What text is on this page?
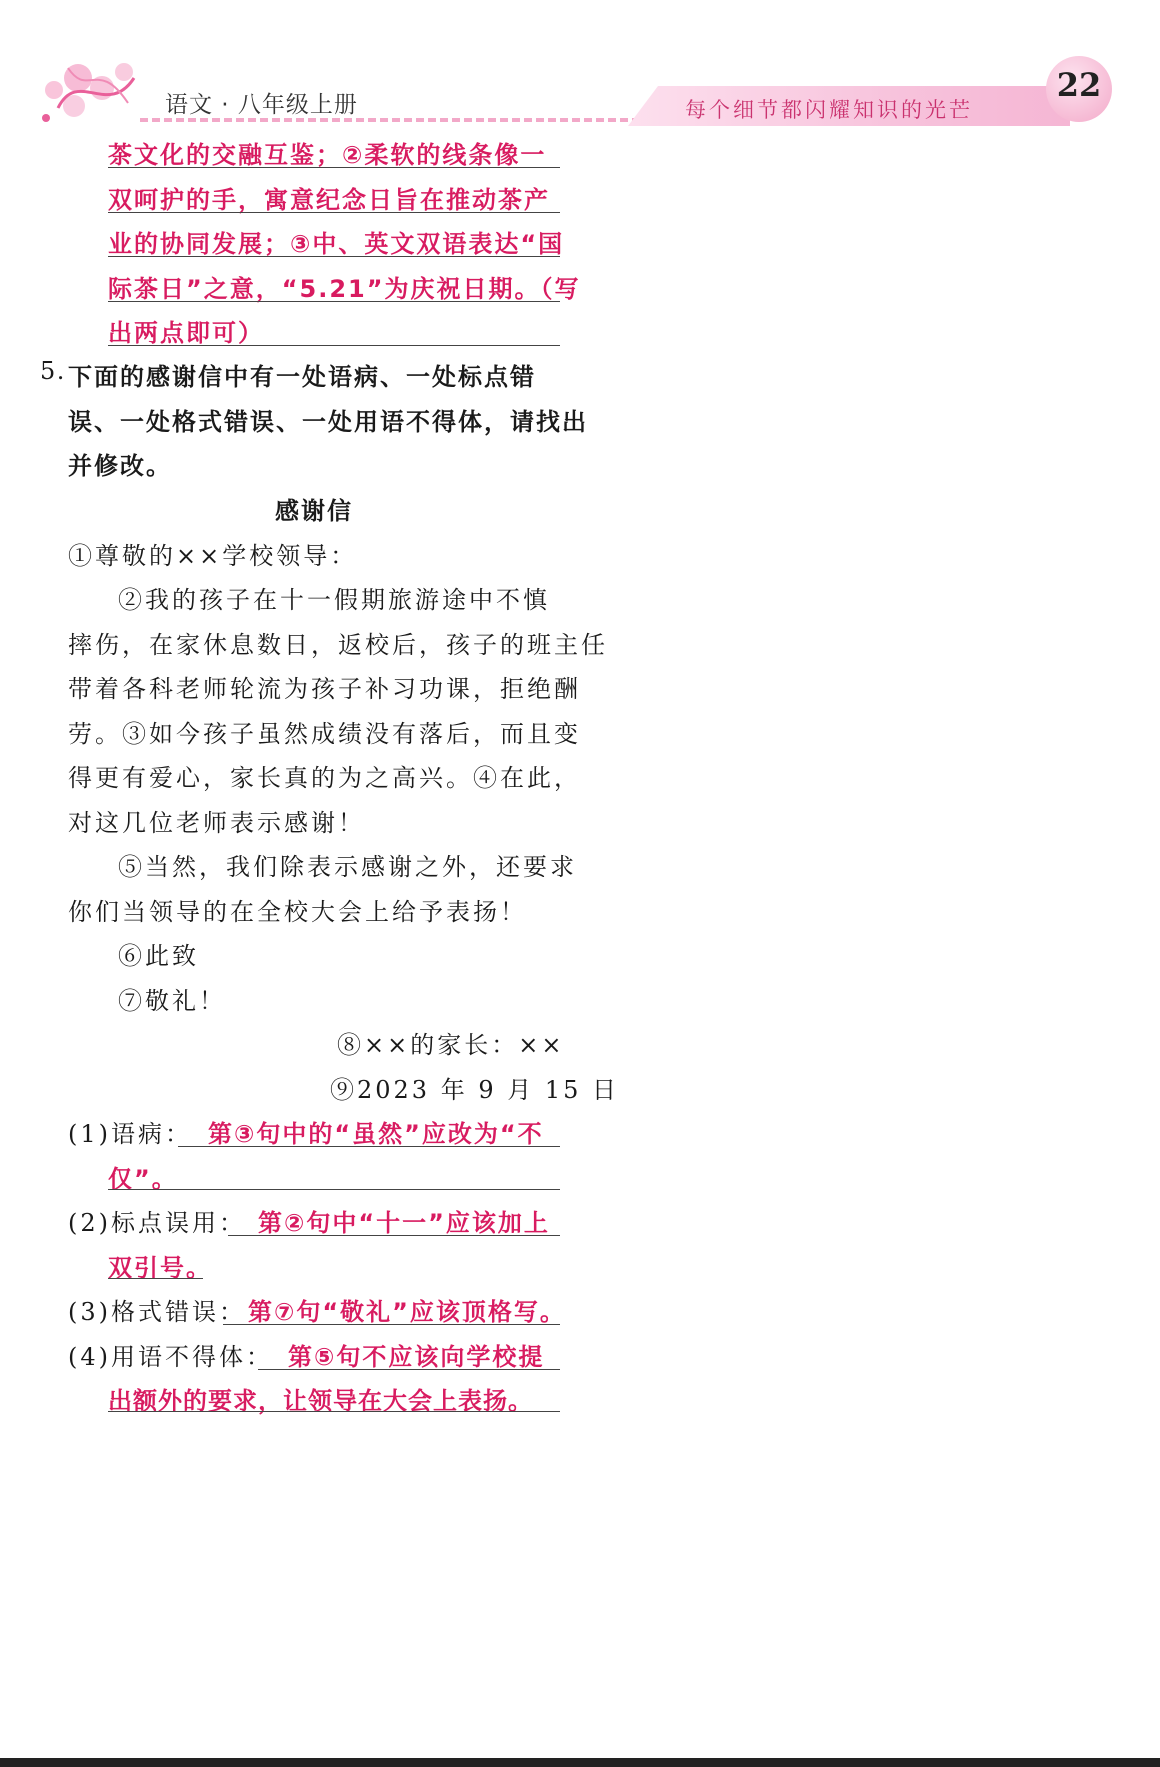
语文 · 八年级上册	每个细节都闪耀知识的光芒
22
茶文化的交融互鉴；②柔软的线条像一
双呵护的手，寓意纪念日旨在推动茶产
业的协同发展；③中、英文双语表达“国
际茶日”之意，“5.21”为庆祝日期。（写
出两点即可）
5. 下面的感谢信中有一处语病、一处标点错
误、一处格式错误、一处用语不得体，请找出
并修改。
感谢信
①尊敬的××学校领导：
②我的孩子在十一假期旅游途中不慎
摔伤，在家休息数日，返校后，孩子的班主任
带着各科老师轮流为孩子补习功课，拒绝酬
劳。③如今孩子虽然成绩没有落后，而且变
得更有爱心，家长真的为之高兴。④在此，
对这几位老师表示感谢！
⑤当然，我们除表示感谢之外，还要求
你们当领导的在全校大会上给予表扬！
⑥此致
⑦敬礼！
⑧××的家长：××
⑨2023 年 9 月 15 日
(1)语病： 第③句中的“虽然”应改为“不
仅”。
(2)标点误用： 第②句中“十一”应该加上
双引号。
(3)格式错误： 第⑦句“敬礼”应该顶格写。
(4)用语不得体： 第⑤句不应该向学校提
出额外的要求，让领导在大会上表扬。
